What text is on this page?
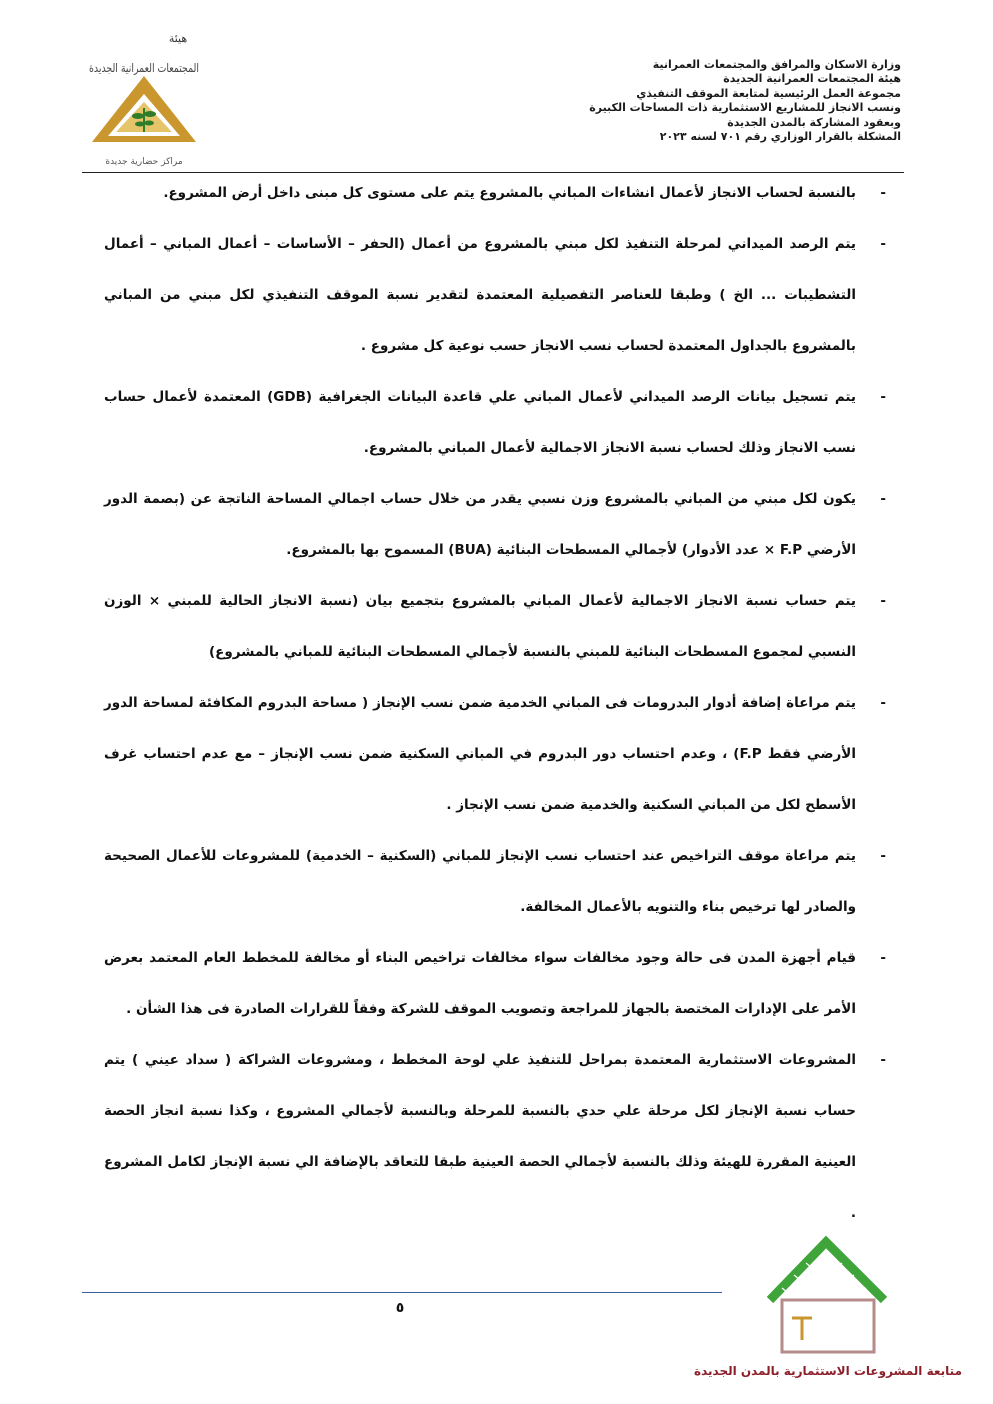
هيئة
المجتمعات العمرانية الجديدة
مراكز حضارية جديدة
وزارة الاسكان والمرافق والمجتمعات العمرانية
هيئة المجتمعات العمرانية الجديدة
مجموعة العمل الرئيسية لمتابعة الموقف التنفيذي
ونسب الانجاز للمشاريع الاستثمارية ذات المساحات الكبيرة
وبعقود المشاركة بالمدن الجديدة
المشكلة بالقرار الوزاري رقم ٧٠١ لسنه ٢٠٢٣
-

بالنسبة لحساب الانجاز لأعمال انشاءات المباني بالمشروع يتم على مستوى كل مبنى داخل أرض المشروع.

-

يتم الرصد الميداني لمرحلة التنفيذ لكل مبني بالمشروع من أعمال (الحفر – الأساسات – أعمال المباني – أعمال التشطيبات ... الخ ) وطبقا للعناصر التفصيلية المعتمدة لتقدير نسبة الموقف التنفيذي لكل مبني من المباني بالمشروع بالجداول المعتمدة لحساب نسب الانجاز حسب نوعية كل مشروع .

-

يتم تسجيل بيانات الرصد الميداني لأعمال المباني علي قاعدة البيانات الجغرافية (GDB) المعتمدة لأعمال حساب نسب الانجاز وذلك لحساب نسبة الانجاز الاجمالية لأعمال المباني بالمشروع.

-

يكون لكل مبني من المباني بالمشروع وزن نسبي يقدر من خلال حساب اجمالي المساحة الناتجة عن (بصمة الدور الأرضي F.P × عدد الأدوار) لأجمالي المسطحات البنائية (BUA) المسموح بها بالمشروع.

-

يتم حساب نسبة الانجاز الاجمالية لأعمال المباني بالمشروع بتجميع بيان (نسبة الانجاز الحالية للمبني × الوزن النسبي لمجموع المسطحات البنائية للمبني بالنسبة لأجمالي المسطحات البنائية للمباني بالمشروع)

-

يتم مراعاة إضافة أدوار البدرومات فى المباني الخدمية ضمن نسب الإنجاز ( مساحة البدروم المكافئة لمساحة الدور الأرضي فقط F.P) ، وعدم احتساب دور البدروم في المباني السكنية ضمن نسب الإنجاز – مع عدم احتساب غرف الأسطح لكل من المباني السكنية والخدمية ضمن نسب الإنجاز .

-

يتم مراعاة موقف التراخيص عند احتساب نسب الإنجاز للمباني (السكنية – الخدمية) للمشروعات للأعمال الصحيحة والصادر لها ترخيص بناء والتنويه بالأعمال المخالفة.

-

قيام أجهزة المدن فى حالة وجود مخالفات سواء مخالفات تراخيص البناء أو مخالفة للمخطط العام المعتمد بعرض الأمر على الإدارات المختصة بالجهاز للمراجعة وتصويب الموقف للشركة وفقاً للقرارات الصادرة فى هذا الشأن .

-

المشروعات الاستثمارية المعتمدة بمراحل للتنفيذ علي لوحة المخطط ، ومشروعات الشراكة ( سداد عيني ) يتم حساب نسبة الإنجاز لكل مرحلة علي حدي بالنسبة للمرحلة وبالنسبة لأجمالي المشروع ، وكذا نسبة انجاز الحصة العينية المقررة للهيئة وذلك بالنسبة لأجمالي الحصة العينية طبقا للتعاقد بالإضافة الي نسبة الإنجاز لكامل المشروع .

٥
متابعة المشروعات الاستثمارية بالمدن الجديدة
